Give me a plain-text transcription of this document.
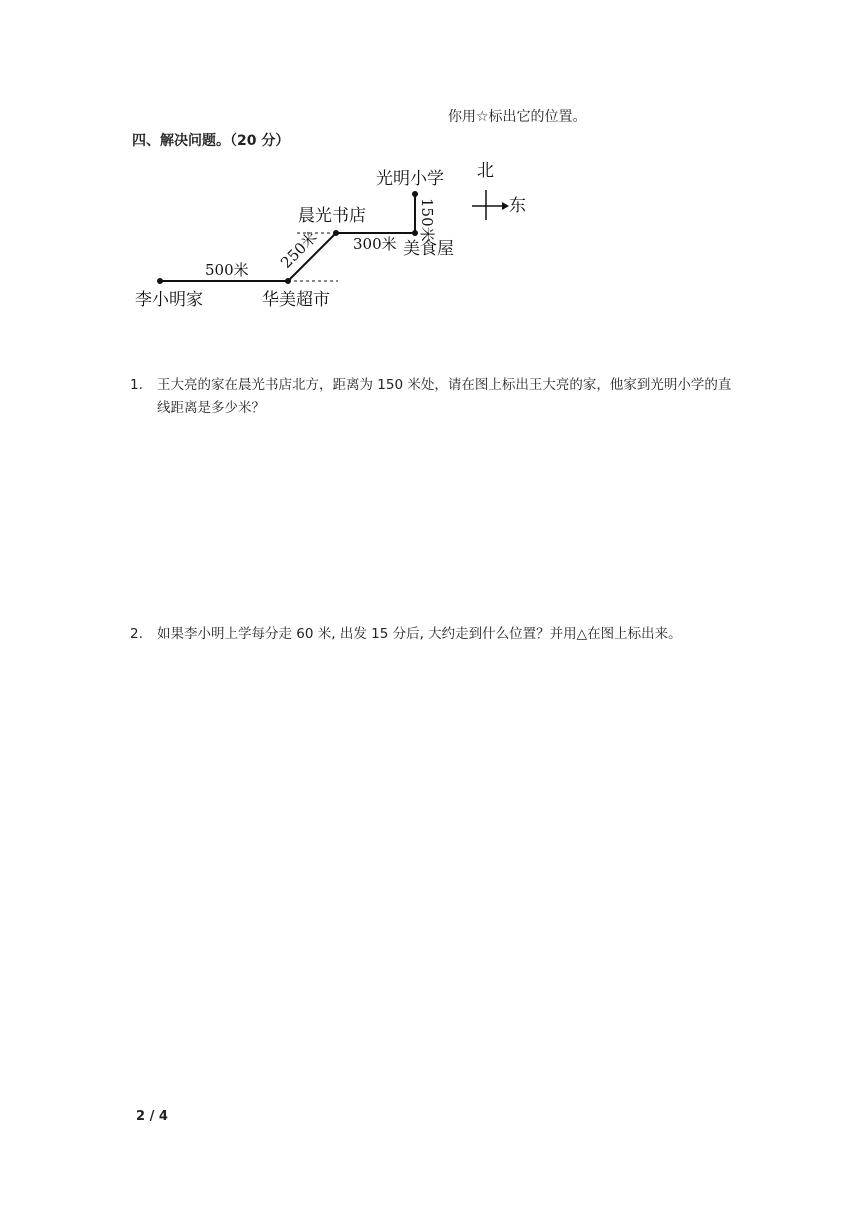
你用☆标出它的位置。
四、解决问题。（20 分）
李小明家	华美超市
晨光书店
美食屋
光明小学
500米 250米 300米
150米
北
东
1.	王大亮的家在晨光书店北方，距离为 150 米处，请在图上标出王大亮的家，他家到光明小学的直线距离是多少米？
2.	如果李小明上学每分走 60 米, 出发 15 分后, 大约走到什么位置？并用△在图上标出来。
2 / 4
